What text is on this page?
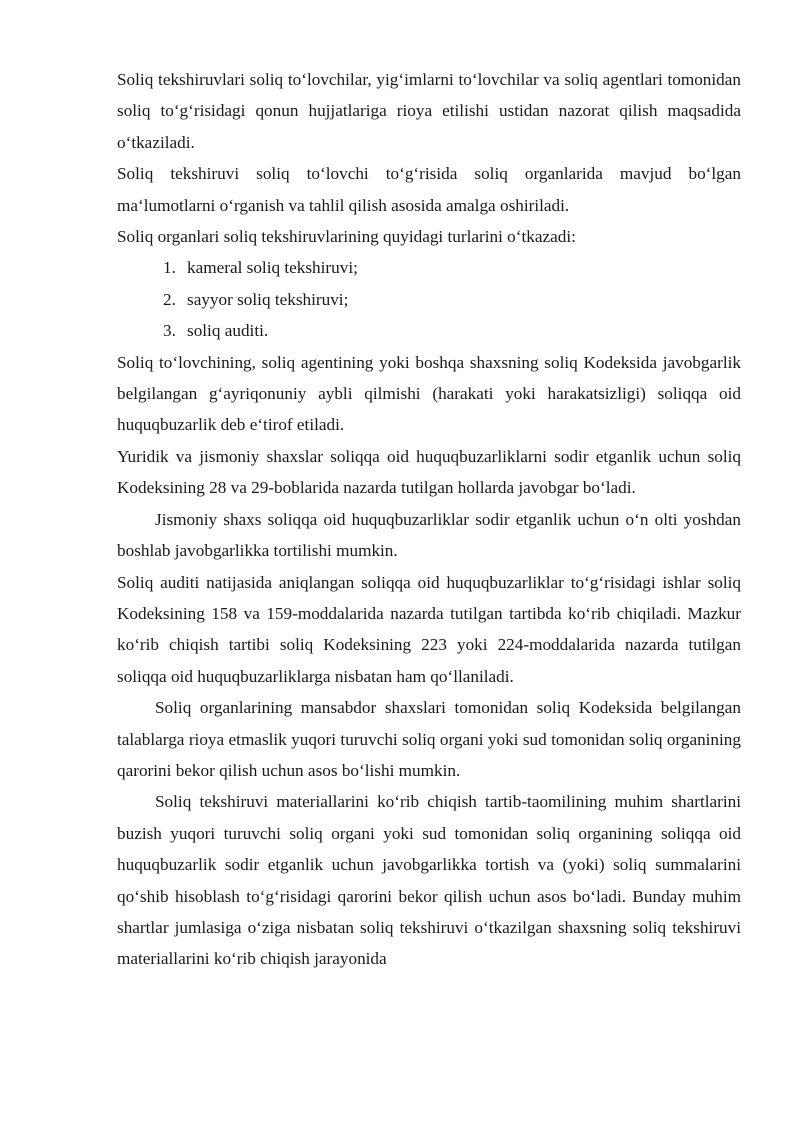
Soliq tekshiruvlari soliq to‘lovchilar, yig‘imlarni to‘lovchilar va soliq agentlari tomonidan soliq to‘g‘risidagi qonun hujjatlariga rioya etilishi ustidan nazorat qilish maqsadida o‘tkaziladi.

Soliq tekshiruvi soliq to‘lovchi to‘g‘risida soliq organlarida mavjud bo‘lgan ma‘lumotlarni o‘rganish va tahlil qilish asosida amalga oshiriladi.

Soliq organlari soliq tekshiruvlarining quyidagi turlarini o‘tkazadi:

1. kameral soliq tekshiruvi;
2. sayyor soliq tekshiruvi;
3. soliq auditi.

Soliq to‘lovchining, soliq agentining yoki boshqa shaxsning soliq Kodeksida javobgarlik belgilangan g‘ayriqonuniy aybli qilmishi (harakati yoki harakatsizligi) soliqqa oid huquqbuzarlik deb e‘tirof etiladi.

Yuridik va jismoniy shaxslar soliqqa oid huquqbuzarliklarni sodir etganlik uchun soliq Kodeksining 28 va 29-boblarida nazarda tutilgan hollarda javobgar bo‘ladi.

Jismoniy shaxs soliqqa oid huquqbuzarliklar sodir etganlik uchun o‘n olti yoshdan boshlab javobgarlikka tortilishi mumkin.

Soliq auditi natijasida aniqlangan soliqqa oid huquqbuzarliklar to‘g‘risidagi ishlar soliq Kodeksining 158 va 159-moddalarida nazarda tutilgan tartibda ko‘rib chiqiladi. Mazkur ko‘rib chiqish tartibi soliq Kodeksining 223 yoki 224-moddalarida nazarda tutilgan soliqqa oid huquqbuzarliklarga nisbatan ham qo‘llaniladi.

Soliq organlarining mansabdor shaxslari tomonidan soliq Kodeksida belgilangan talablarga rioya etmaslik yuqori turuvchi soliq organi yoki sud tomonidan soliq organining qarorini bekor qilish uchun asos bo‘lishi mumkin.

Soliq tekshiruvi materiallarini ko‘rib chiqish tartib-taomilining muhim shartlarini buzish yuqori turuvchi soliq organi yoki sud tomonidan soliq organining soliqqa oid huquqbuzarlik sodir etganlik uchun javobgarlikka tortish va (yoki) soliq summalarini qo‘shib hisoblash to‘g‘risidagi qarorini bekor qilish uchun asos bo‘ladi. Bunday muhim shartlar jumlasiga o‘ziga nisbatan soliq tekshiruvi o‘tkazilgan shaxsning soliq tekshiruvi materiallarini ko‘rib chiqish jarayonida
